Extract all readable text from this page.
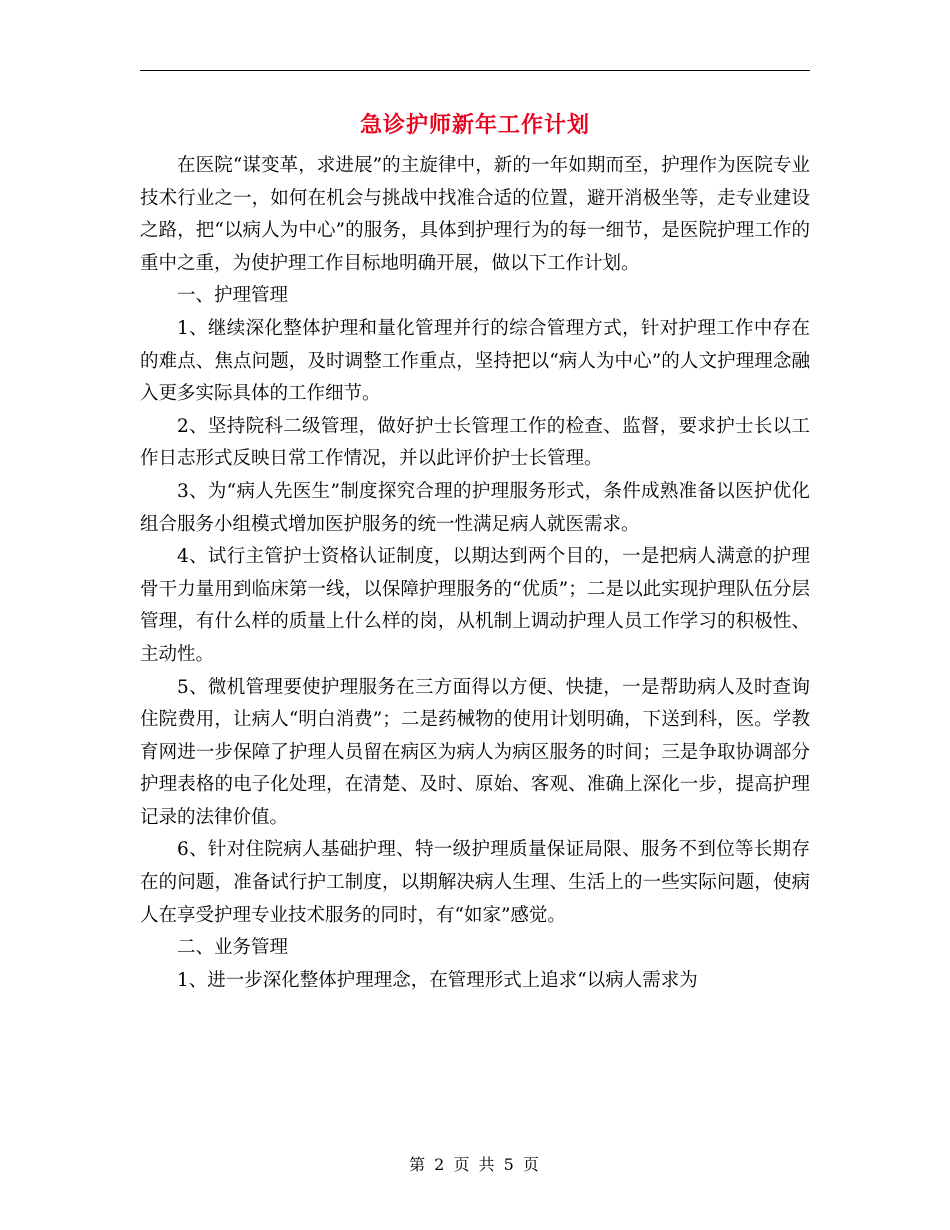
急诊护师新年工作计划

在医院“谋变革，求进展”的主旋律中，新的一年如期而至，护理作为医院专业技术行业之一，如何在机会与挑战中找准合适的位置，避开消极坐等，走专业建设之路，把“以病人为中心”的服务，具体到护理行为的每一细节，是医院护理工作的重中之重，为使护理工作目标地明确开展，做以下工作计划。

一、护理管理

1、继续深化整体护理和量化管理并行的综合管理方式，针对护理工作中存在的难点、焦点问题，及时调整工作重点，坚持把以“病人为中心”的人文护理理念融入更多实际具体的工作细节。

2、坚持院科二级管理，做好护士长管理工作的检查、监督，要求护士长以工作日志形式反映日常工作情况，并以此评价护士长管理。

3、为“病人先医生”制度探究合理的护理服务形式，条件成熟准备以医护优化组合服务小组模式增加医护服务的统一性满足病人就医需求。

4、试行主管护士资格认证制度，以期达到两个目的，一是把病人满意的护理骨干力量用到临床第一线，以保障护理服务的“优质”；二是以此实现护理队伍分层管理，有什么样的质量上什么样的岗，从机制上调动护理人员工作学习的积极性、主动性。

5、微机管理要使护理服务在三方面得以方便、快捷，一是帮助病人及时查询住院费用，让病人“明白消费”；二是药械物的使用计划明确，下送到科，医。学教育网进一步保障了护理人员留在病区为病人为病区服务的时间；三是争取协调部分护理表格的电子化处理，在清楚、及时、原始、客观、准确上深化一步，提高护理记录的法律价值。

6、针对住院病人基础护理、特一级护理质量保证局限、服务不到位等长期存在的问题，准备试行护工制度，以期解决病人生理、生活上的一些实际问题，使病人在享受护理专业技术服务的同时，有“如家”感觉。

二、业务管理

1、进一步深化整体护理理念，在管理形式上追求“以病人需求为

第 2 页 共 5 页
